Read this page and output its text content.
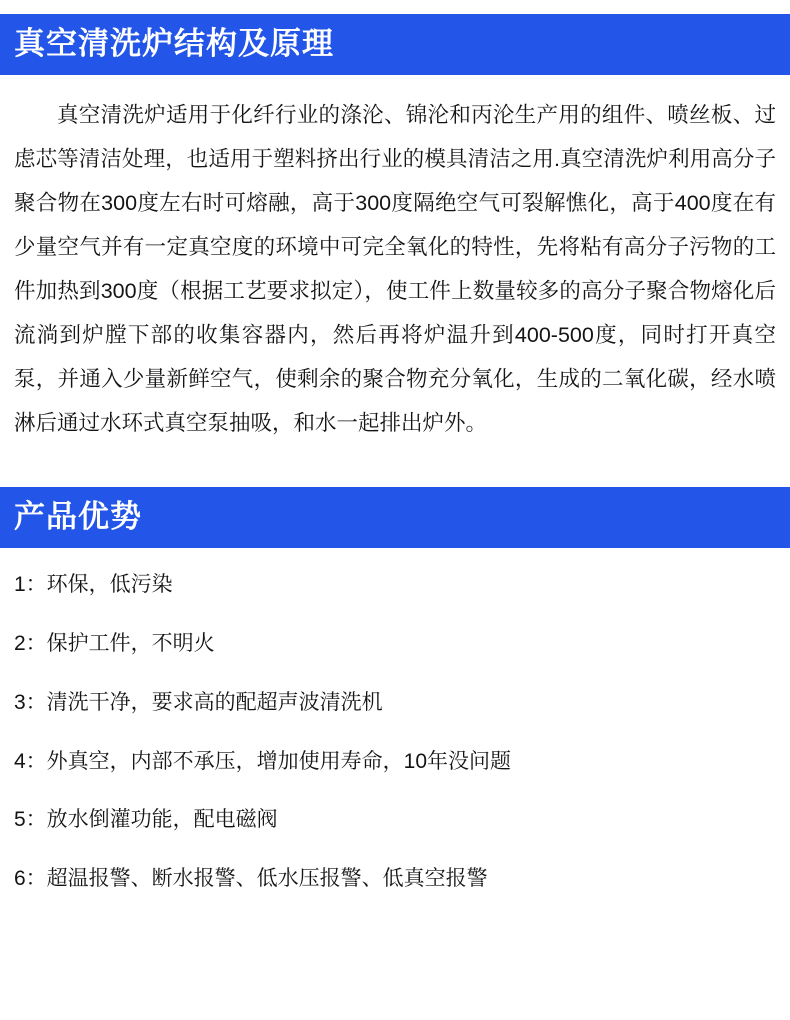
真空清洗炉结构及原理
真空清洗炉适用于化纤行业的涤沦、锦沦和丙沦生产用的组件、喷丝板、过虑芯等清洁处理，也适用于塑料挤出行业的模具清洁之用.真空清洗炉利用高分子聚合物在300度左右时可熔融，高于300度隔绝空气可裂解憔化，高于400度在有少量空气并有一定真空度的环境中可完全氧化的特性，先将粘有高分子污物的工件加热到300度（根据工艺要求拟定），使工件上数量较多的高分子聚合物熔化后流淌到炉膛下部的收集容器内，然后再将炉温升到400-500度，同时打开真空泵，并通入少量新鲜空气，使剩余的聚合物充分氧化，生成的二氧化碳，经水喷淋后通过水环式真空泵抽吸，和水一起排出炉外。
产品优势
1：环保，低污染
2：保护工件，不明火
3：清洗干净，要求高的配超声波清洗机
4：外真空，内部不承压，增加使用寿命，10年没问题
5：放水倒灌功能，配电磁阀
6：超温报警、断水报警、低水压报警、低真空报警
